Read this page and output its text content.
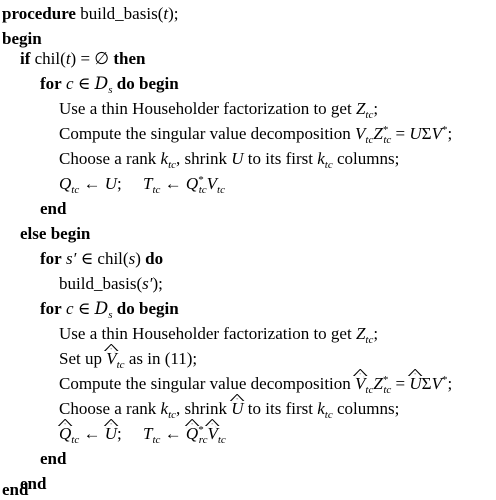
procedure build_basis(t);
begin
if chil(t) = ∅ then
for c ∈ $D_s$ do begin
Use a thin Householder factorization to get $Z_{tc}$;
Compute the singular value decomposition $V_{tc}Z^*_{tc} = U\Sigma V^*$;
Choose a rank $k_{tc}$, shrink U to its first $k_{tc}$ columns;
$Q_{tc}$ ← U;     $T_{tc}$ ← $Q^*_{tc}V_{tc}$
end
else begin
for s′ ∈ chil(s) do
build_basis(s′);
for c ∈ $D_s$ do begin
Use a thin Householder factorization to get $Z_{tc}$;
Set up V $\^{}_{tc}$ as in (11);
Compute the singular value decomposition V $\^{}_{tc}Z^*_{tc} = U$ ^ΣV*;
Choose a rank $k_{tc}$, shrink U ^ to its first $k_{tc}$ columns;
Q $\^{}_{tc}$ ← U ^;     $T_{tc}$ ← Q $\^{}^*_{rc}V$ $\^{}_{tc}$
end
end
end
